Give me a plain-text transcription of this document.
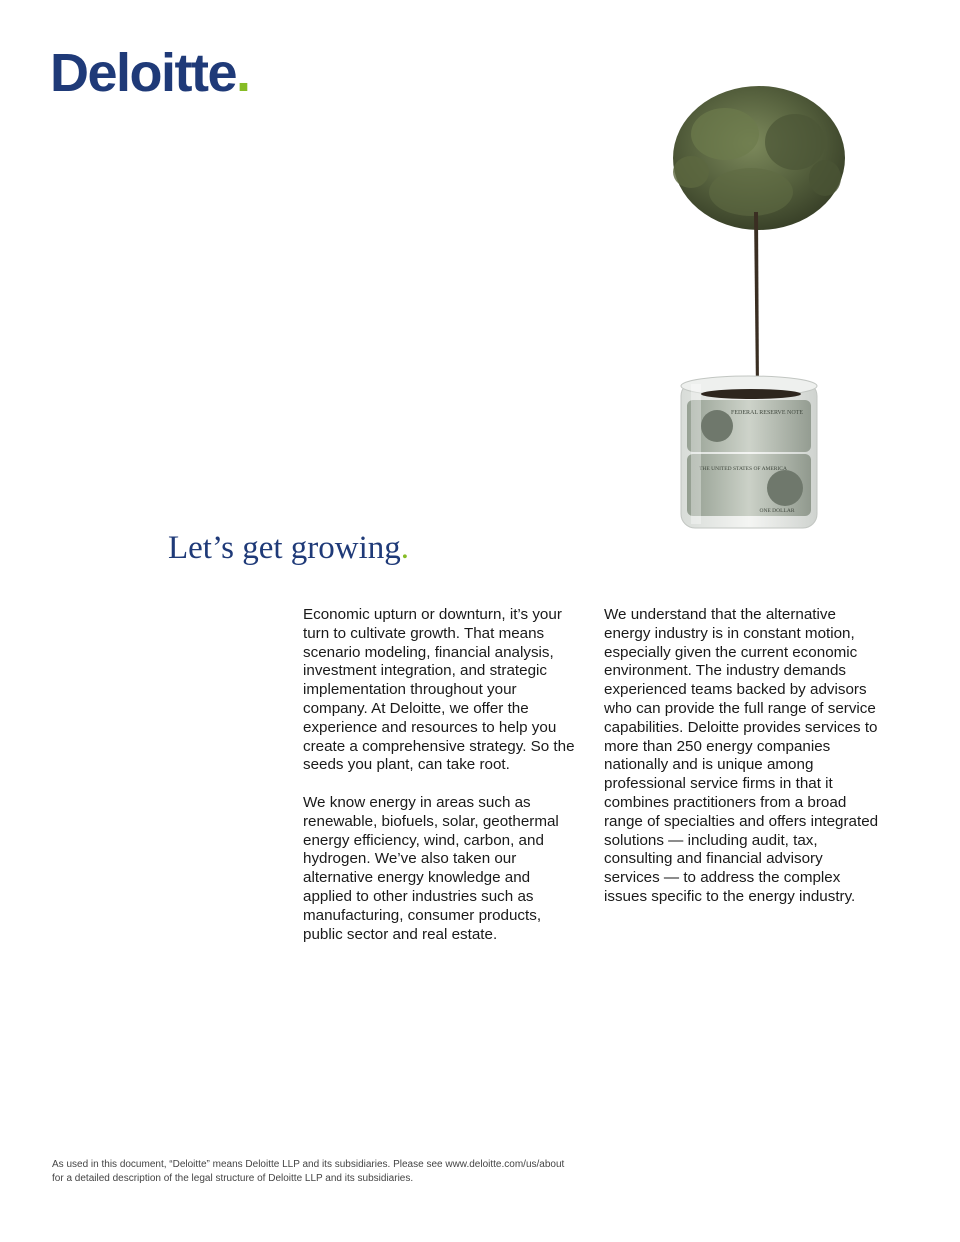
Deloitte.
FEDERAL RESERVE NOTE
THE UNITED STATES OF AMERICA
ONE DOLLAR
Let’s get growing.

Economic upturn or downturn, it’s your turn to cultivate growth. That means scenario modeling, financial analysis, investment integration, and strategic implementation throughout your company. At Deloitte, we offer the experience and resources to help you create a comprehensive strategy. So the seeds you plant, can take root.

We know energy in areas such as renewable, biofuels, solar, geothermal energy efficiency, wind, carbon, and hydrogen. We’ve also taken our alternative energy knowledge and applied to other industries such as manufacturing, consumer products, public sector and real estate.

We understand that the alternative energy industry is in constant motion, especially given the current economic environment. The industry demands experienced teams backed by advisors who can provide the full range of service capabilities. Deloitte provides services to more than 250 energy companies nationally and is unique among professional service firms in that it combines practitioners from a broad range of specialties and offers integrated solutions — including audit, tax, consulting and financial advisory services — to address the complex issues specific to the energy industry.

As used in this document, “Deloitte” means Deloitte LLP and its subsidiaries. Please see www.deloitte.com/us/about
for a detailed description of the legal structure of Deloitte LLP and its subsidiaries.
